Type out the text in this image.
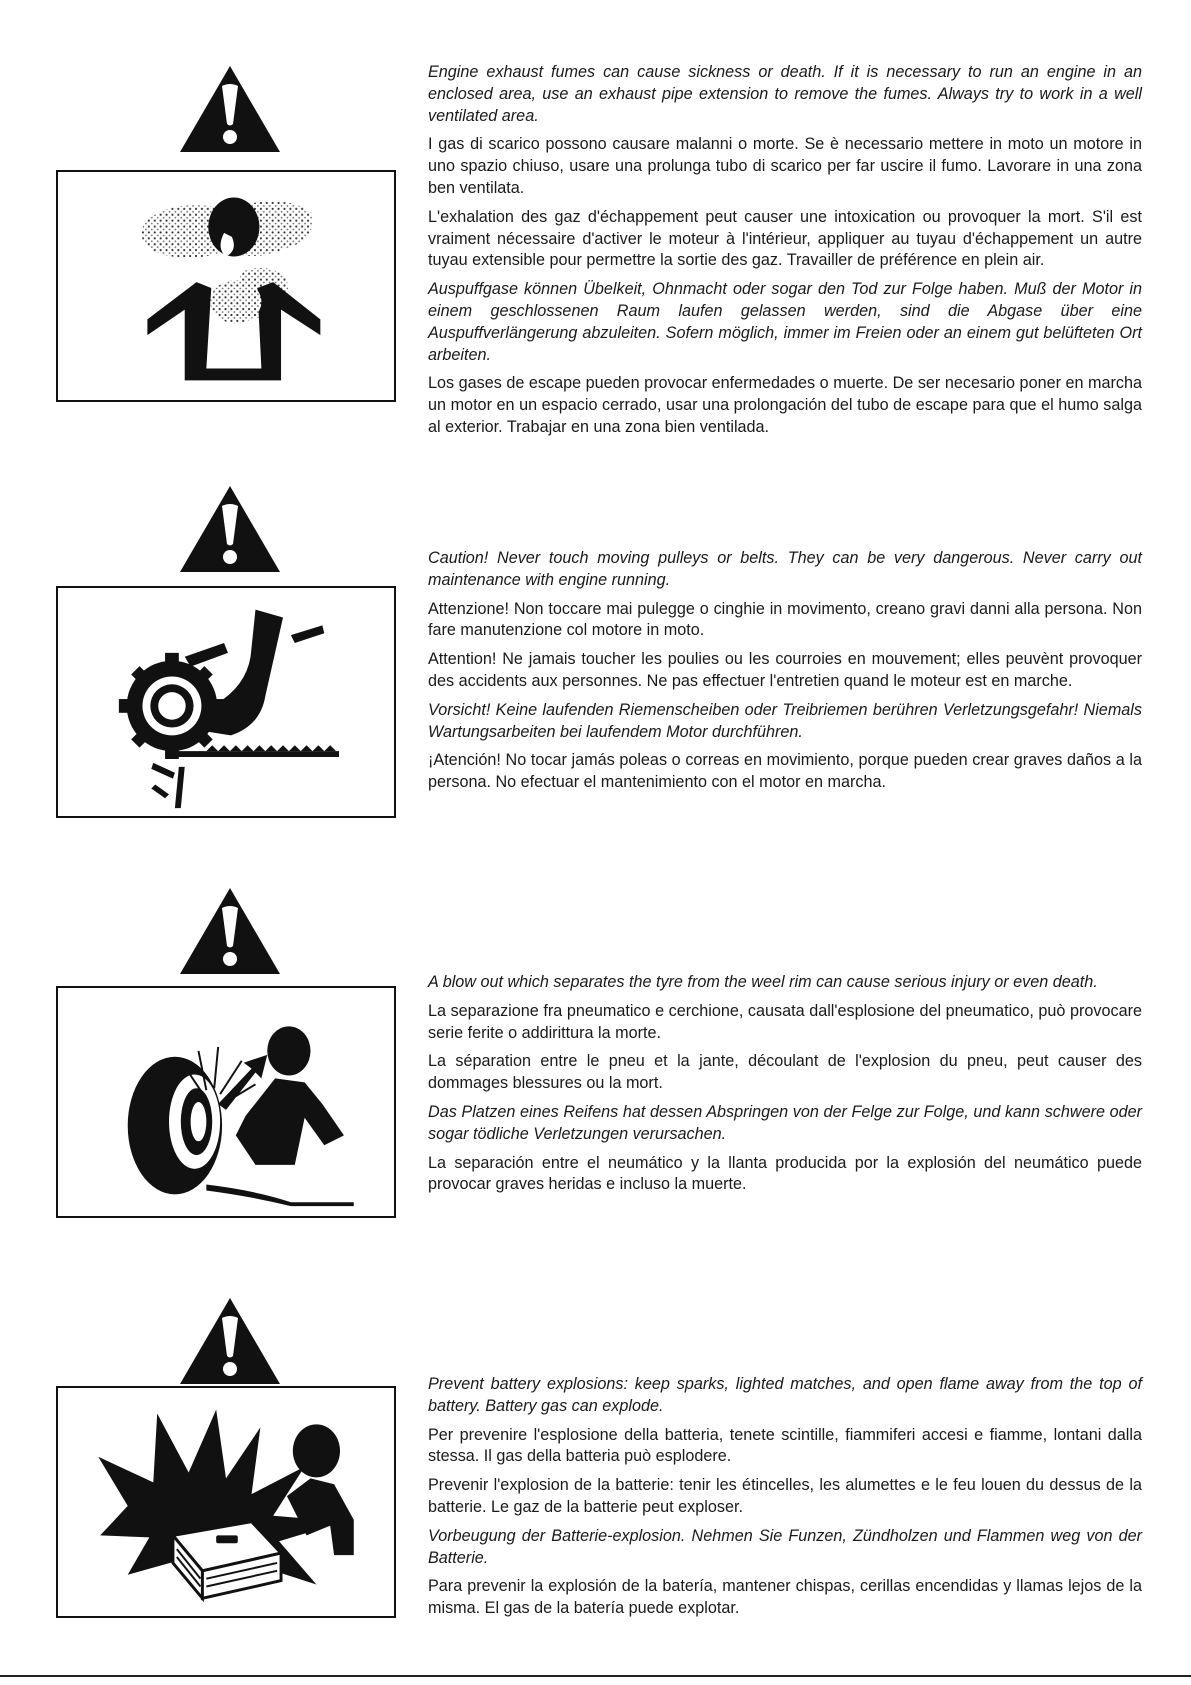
Engine exhaust fumes can cause sickness or death. If it is necessary to run an engine in an enclosed area, use an exhaust pipe extension to remove the fumes. Always try to work in a well ventilated area.

I gas di scarico possono causare malanni o morte. Se è necessario mettere in moto un motore in uno spazio chiuso, usare una prolunga tubo di scarico per far uscire il fumo. Lavorare in una zona ben ventilata.

L'exhalation des gaz d'échappement peut causer une intoxication ou provoquer la mort. S'il est vraiment nécessaire d'activer le moteur à l'intérieur, appliquer au tuyau d'échappement un autre tuyau extensible pour permettre la sortie des gaz. Travailler de préférence en plein air.

Auspuffgase können Übelkeit, Ohnmacht oder sogar den Tod zur Folge haben. Muß der Motor in einem geschlossenen Raum laufen gelassen werden, sind die Abgase über eine Auspuffverlängerung abzuleiten. Sofern möglich, immer im Freien oder an einem gut belüfteten Ort arbeiten.

Los gases de escape pueden provocar enfermedades o muerte. De ser necesario poner en marcha un motor en un espacio cerrado, usar una prolongación del tubo de escape para que el humo salga al exterior. Trabajar en una zona bien ventilada.

Caution! Never touch moving pulleys or belts. They can be very dangerous. Never carry out maintenance with engine running.

Attenzione! Non toccare mai pulegge o cinghie in movimento, creano gravi danni alla persona. Non fare manutenzione col motore in moto.

Attention! Ne jamais toucher les poulies ou les courroies en mouvement; elles peuvènt provoquer des accidents aux personnes. Ne pas effectuer l'entretien quand le moteur est en marche.

Vorsicht! Keine laufenden Riemenscheiben oder Treibriemen berühren Verletzungsgefahr! Niemals Wartungsarbeiten bei laufendem Motor durchführen.

¡Atención! No tocar jamás poleas o correas en movimiento, porque pueden crear graves daños a la persona. No efectuar el mantenimiento con el motor en marcha.

A blow out which separates the tyre from the weel rim can cause serious injury or even death.

La separazione fra pneumatico e cerchione, causata dall'esplosione del pneumatico, può provocare serie ferite o addirittura la morte.

La séparation entre le pneu et la jante, découlant de l'explosion du pneu, peut causer des dommages blessures ou la mort.

Das Platzen eines Reifens hat dessen Abspringen von der Felge zur Folge, und kann schwere oder sogar tödliche Verletzungen verursachen.

La separación entre el neumático y la llanta producida por la explosión del neumático puede provocar graves heridas e incluso la muerte.

Prevent battery explosions: keep sparks, lighted matches, and open flame away from the top of battery. Battery gas can explode.

Per prevenire l'esplosione della batteria, tenete scintille, fiammiferi accesi e fiamme, lontani dalla stessa. Il gas della batteria può esplodere.

Prevenir l'explosion de la batterie: tenir les étincelles, les alumettes e le feu louen du dessus de la batterie. Le gaz de la batterie peut exploser.

Vorbeugung der Batterie-explosion. Nehmen Sie Funzen, Zündholzen und Flammen weg von der Batterie.

Para prevenir la explosión de la batería, mantener chispas, cerillas encendidas y llamas lejos de la misma. El gas de la batería puede explotar.
